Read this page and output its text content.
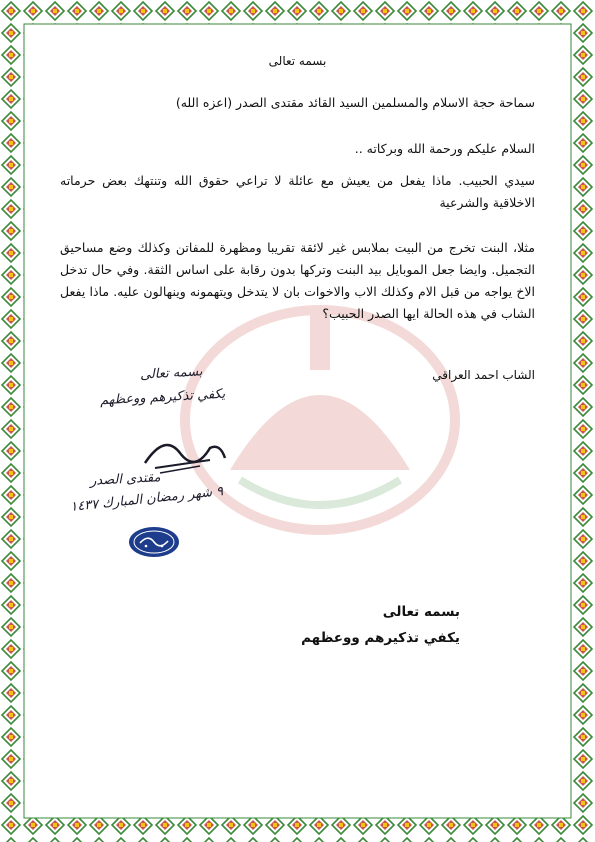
بسمه تعالى
سماحة حجة الاسلام والمسلمين السيد القائد مقتدى الصدر (اعزه الله)
السلام عليكم ورحمة الله وبركاته ..
سيدي الحبيب. ماذا يفعل من يعيش مع عائلة لا تراعي حقوق الله وتنتهك بعض حرماته الاخلاقية والشرعية
مثلا، البنت تخرج من البيت بملابس غير لائقة تقريبا ومظهرة للمفاتن وكذلك وضع مساحيق التجميل. وايضا جعل الموبايل بيد البنت وتركها بدون رقابة على اساس الثقة. وفي حال تدخل الاخ يواجه من قبل الام وكذلك الاب والاخوات بان لا يتدخل ويتهمونه وينهالون عليه. ماذا يفعل الشاب في هذه الحالة ايها الصدر الحبيب؟
الشاب احمد العراقي
بسمه تعالى
يكفي تذكيرهم ووعظهم
مقتدى الصدر
٩ شهر رمضان المبارك ١٤٣٧
بسمه تعالى
يكفي تذكيرهم ووعظهم
